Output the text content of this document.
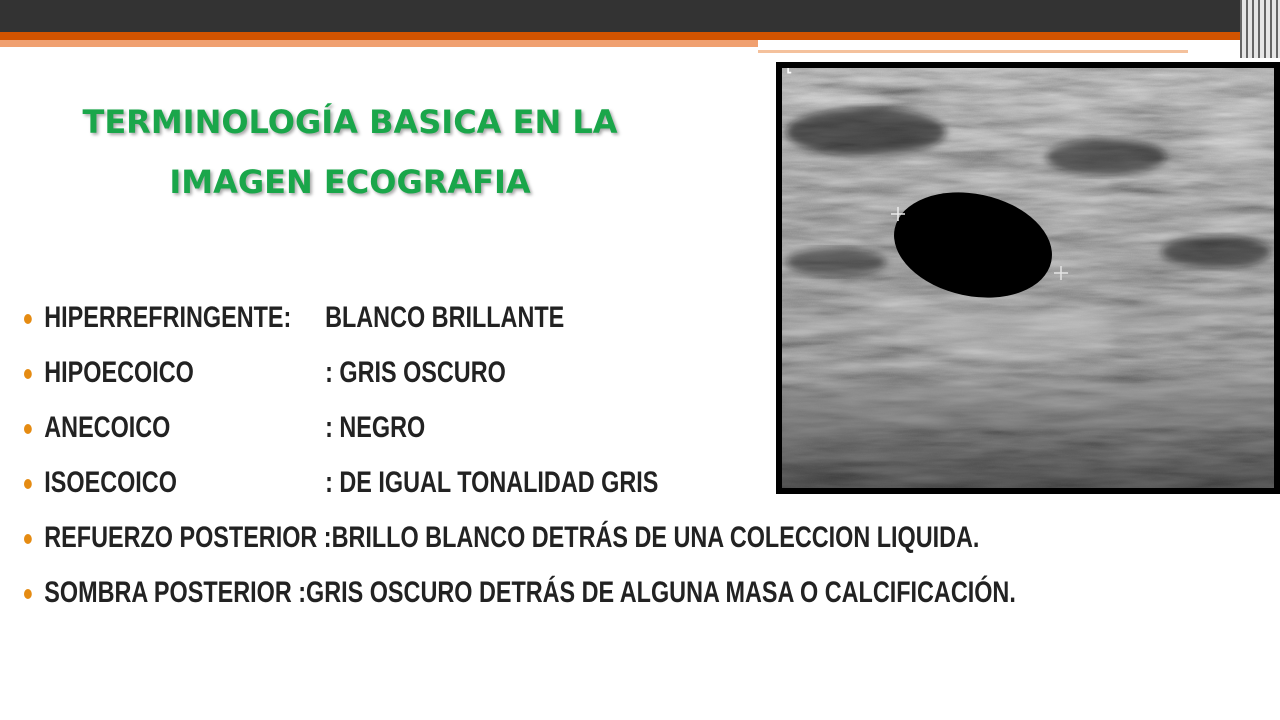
TERMINOLOGÍA BASICA EN LA
IMAGEN ECOGRAFIA
HIPERREFRINGENTE: BLANCO BRILLANTE
HIPOECOICO	: GRIS OSCURO
ANECOICO	: NEGRO
ISOECOICO	: DE IGUAL TONALIDAD GRIS
REFUERZO POSTERIOR :BRILLO BLANCO DETRÁS DE UNA COLECCION LIQUIDA.
SOMBRA POSTERIOR :GRIS OSCURO DETRÁS DE ALGUNA MASA O CALCIFICACIÓN.
